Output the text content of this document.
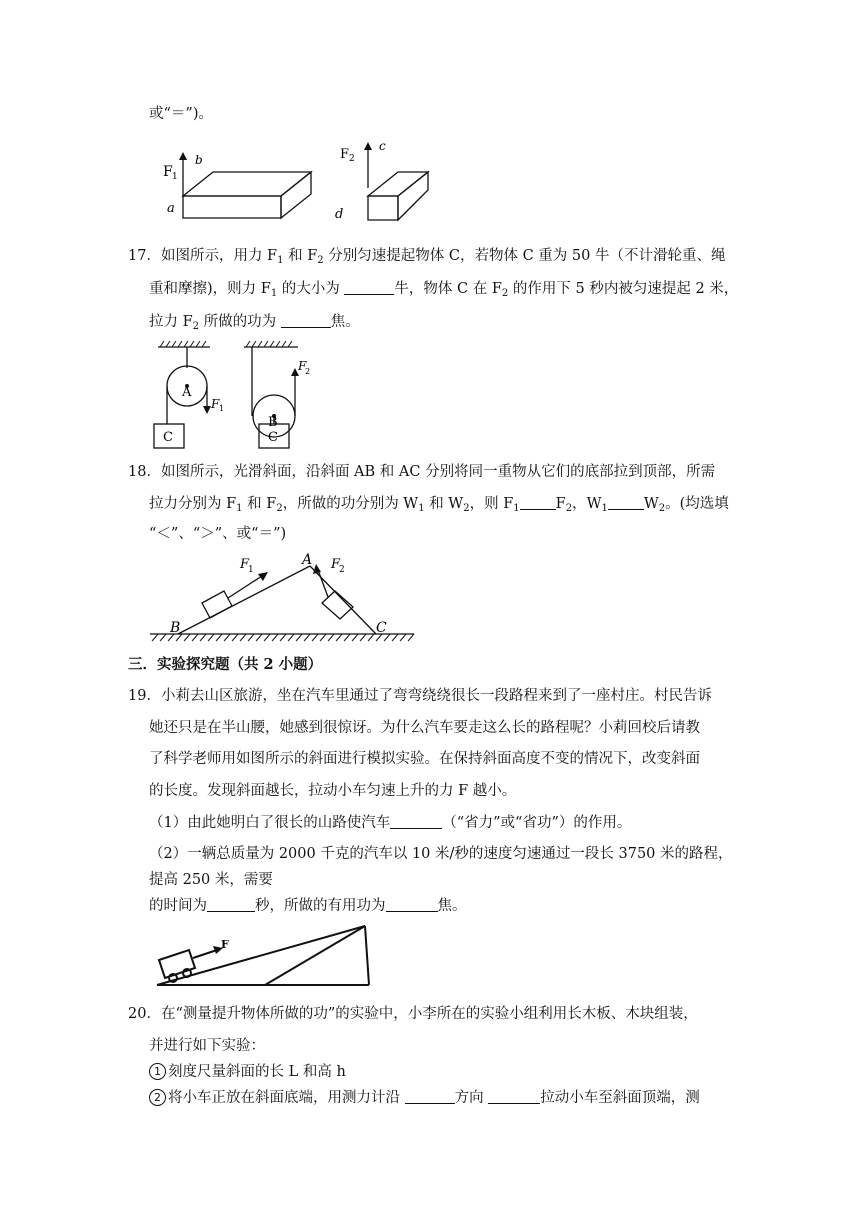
或“＝”)。
F 1
b
a
F 2
c
d
17．如图所示，用力 $F_1$ 和 $F_2$ 分别匀速提起物体 C，若物体 C 重为 50 牛（不计滑轮重、绳
重和摩擦)，则力 $F_1$ 的大小为	牛，物体 C 在 $F_2$ 的作用下 5 秒内被匀速提起 2 米，
拉力 $F_2$ 所做的功为	焦。
A
B
C	C
F 1
F
2
18．如图所示，光滑斜面，沿斜面 AB 和 AC 分别将同一重物从它们的底部拉到顶部，所需
拉力分别为 $F_1$ 和 $F_2$，所做的功分别为 $W_1$ 和 $W_2$，则 $F_1$ $F_2$，$W_1$ $W_2$。(均选填
“＜”、“＞”、或“＝”)
A
B	C
F
1	F
2
三．实验探究题（共 2 小题）
19．小莉去山区旅游，坐在汽车里通过了弯弯绕绕很长一段路程来到了一座村庄。村民告诉
她还只是在半山腰，她感到很惊讶。为什么汽车要走这么长的路程呢？小莉回校后请教
了科学老师用如图所示的斜面进行模拟实验。在保持斜面高度不变的情况下，改变斜面
的长度。发现斜面越长，拉动小车匀速上升的力 F 越小。
（1）由此她明白了很长的山路使汽车	（“省力”或“省功”）的作用。
（2）一辆总质量为 2000 千克的汽车以 10 米/秒的速度匀速通过一段长 3750 米的路程，
提高 250 米，需要
的时间为	秒，所做的有用功为	焦。
F
20．在“测量提升物体所做的功”的实验中，小李所在的实验小组利用长木板、木块组装，
并进行如下实验：
1 刻度尺量斜面的长 L 和高 h
2 将小车正放在斜面底端，用测力计沿	方向	拉动小车至斜面顶端，测
